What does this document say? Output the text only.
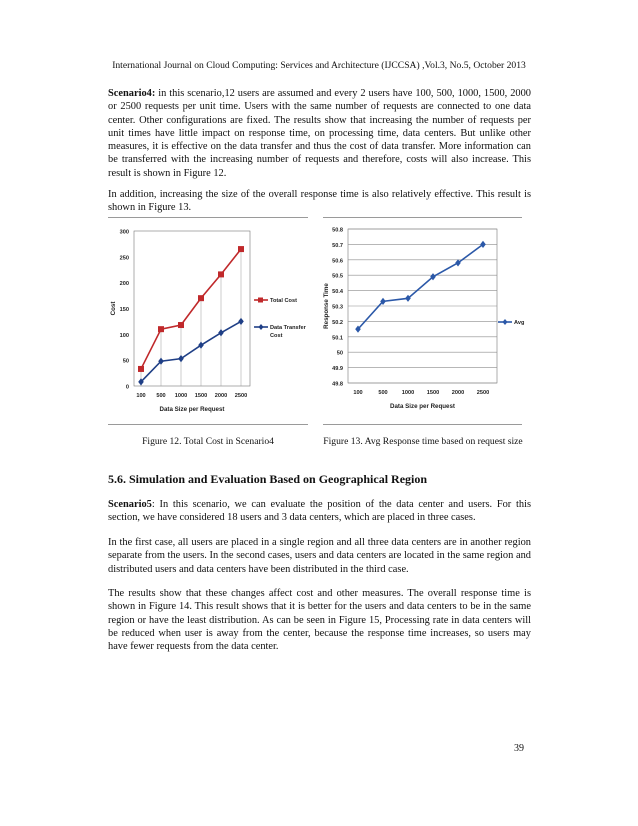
International Journal on Cloud Computing: Services and Architecture (IJCCSA) ,Vol.3, No.5, October 2013

Scenario4: in this scenario,12 users are assumed and every 2 users have 100, 500, 1000, 1500, 2000 or 2500 requests per unit time. Users with the same number of requests are connected to one data center. Other configurations are fixed. The results show that increasing the number of requests per unit times have little impact on response time, on processing time, data centers. But unlike other measures, it is effective on the data transfer and thus the cost of data transfer. More information can be transferred with the increasing number of requests and therefore, costs will also increase. This result is shown in Figure 12.

In addition, increasing the size of the overall response time is also relatively effective. This result is shown in Figure 13.

0
50
100
150
200
250
300
100 500 1000 1500 2000 2500
Data Size per Request
Cost
Total Cost
Data Transfer
Cost
49.8
49.9
50
50.1
50.2
50.3
50.4
50.5
50.6
50.7
50.8
100	500	1000 1500 2000 2500
Data Size per Request
Response Time	Avg
Figure 12. Total Cost in Scenario4	Figure 13. Avg Response time based on request size
5.6. Simulation and Evaluation Based on Geographical Region

Scenario5: In this scenario, we can evaluate the position of the data center and users. For this section, we have considered 18 users and 3 data centers, which are placed in three cases.

In the first case, all users are placed in a single region and all three data centers are in another region separate from the users. In the second cases, users and data centers are located in the same region and distributed users and data centers have been distributed in the third case.

The results show that these changes affect cost and other measures. The overall response time is shown in Figure 14. This result shows that it is better for the users and data centers to be in the same region or have the least distribution. As can be seen in Figure 15, Processing rate in data centers will be reduced when user is away from the center, because the response time increases, so users may have fewer requests from the data center.

39
